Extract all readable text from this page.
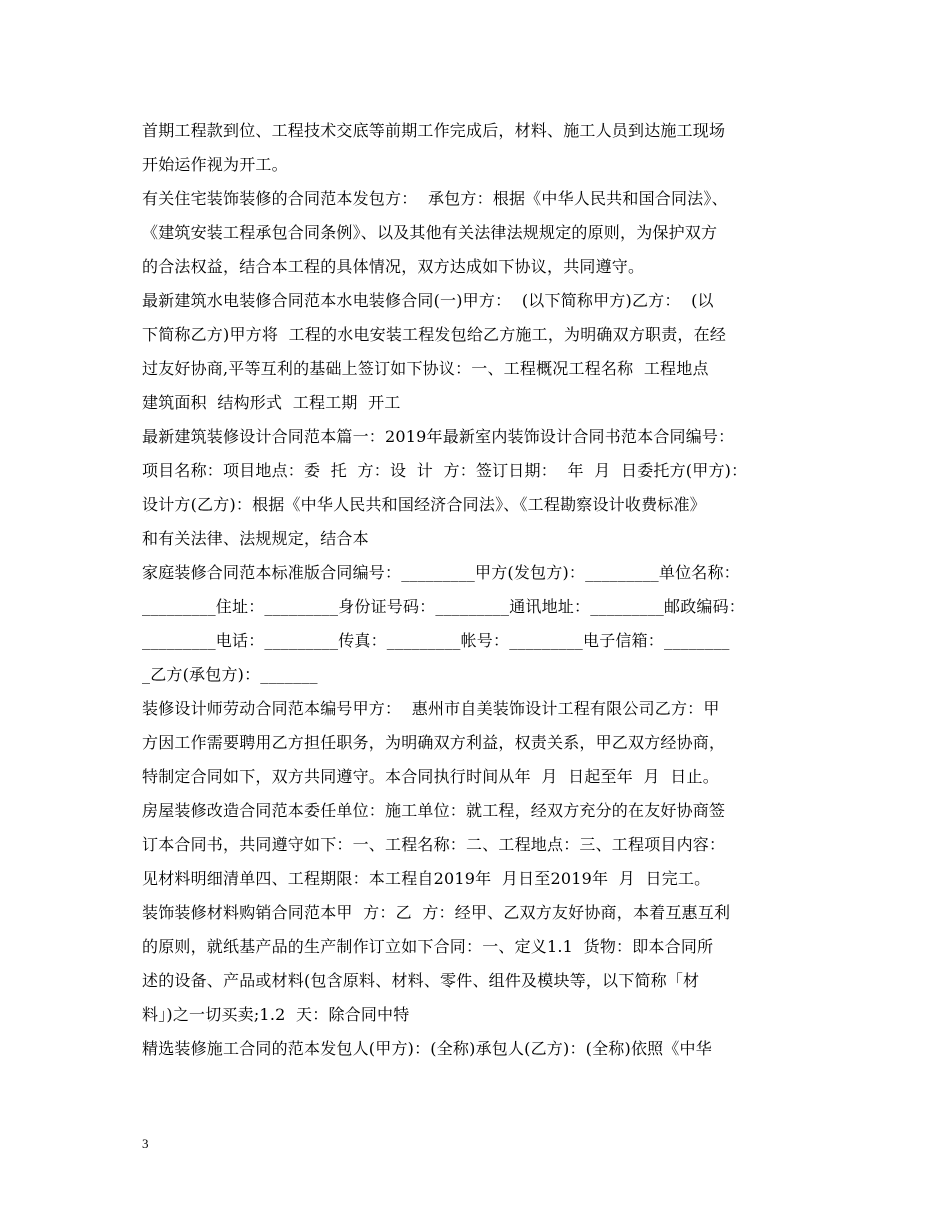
首期工程款到位、工程技术交底等前期工作完成后，材料、施工人员到达施工现场
开始运作视为开工。
有关住宅装饰装修的合同范本发包方：  承包方：根据《中华人民共和国合同法》、
《建筑安装工程承包合同条例》、以及其他有关法律法规规定的原则，为保护双方
的合法权益，结合本工程的具体情况，双方达成如下协议，共同遵守。
最新建筑水电装修合同范本水电装修合同(一)甲方：  (以下简称甲方)乙方：  (以
下简称乙方)甲方将  工程的水电安装工程发包给乙方施工，为明确双方职责，在经
过友好协商,平等互利的基础上签订如下协议：一、工程概况工程名称  工程地点
建筑面积  结构形式  工程工期  开工
最新建筑装修设计合同范本篇一：2019年最新室内装饰设计合同书范本合同编号：
项目名称：项目地点：委  托  方：设  计  方：签订日期：  年  月  日委托方(甲方)：
设计方(乙方)：根据《中华人民共和国经济合同法》、《工程勘察设计收费标准》
和有关法律、法规规定，结合本
家庭装修合同范本标准版合同编号：_________甲方(发包方)：_________单位名称：
_________住址：_________身份证号码：_________通讯地址：_________邮政编码：
_________电话：_________传真：_________帐号：_________电子信箱：________
_乙方(承包方)：_______
装修设计师劳动合同范本编号甲方：  惠州市自美装饰设计工程有限公司乙方：甲
方因工作需要聘用乙方担任职务，为明确双方利益，权责关系，甲乙双方经协商，
特制定合同如下，双方共同遵守。本合同执行时间从年  月  日起至年  月  日止。
房屋装修改造合同范本委任单位：施工单位：就工程，经双方充分的在友好协商签
订本合同书，共同遵守如下：一、工程名称：二、工程地点：三、工程项目内容：
见材料明细清单四、工程期限：本工程自2019年  月日至2019年  月  日完工。
装饰装修材料购销合同范本甲  方：乙  方：经甲、乙双方友好协商，本着互惠互利
的原则，就纸基产品的生产制作订立如下合同：一、定义1.1  货物：即本合同所
述的设备、产品或材料(包含原料、材料、零件、组件及模块等，以下简称「材
料」)之一切买卖;1.2  天：除合同中特
精选装修施工合同的范本发包人(甲方)：(全称)承包人(乙方)：(全称)依照《中华
3
